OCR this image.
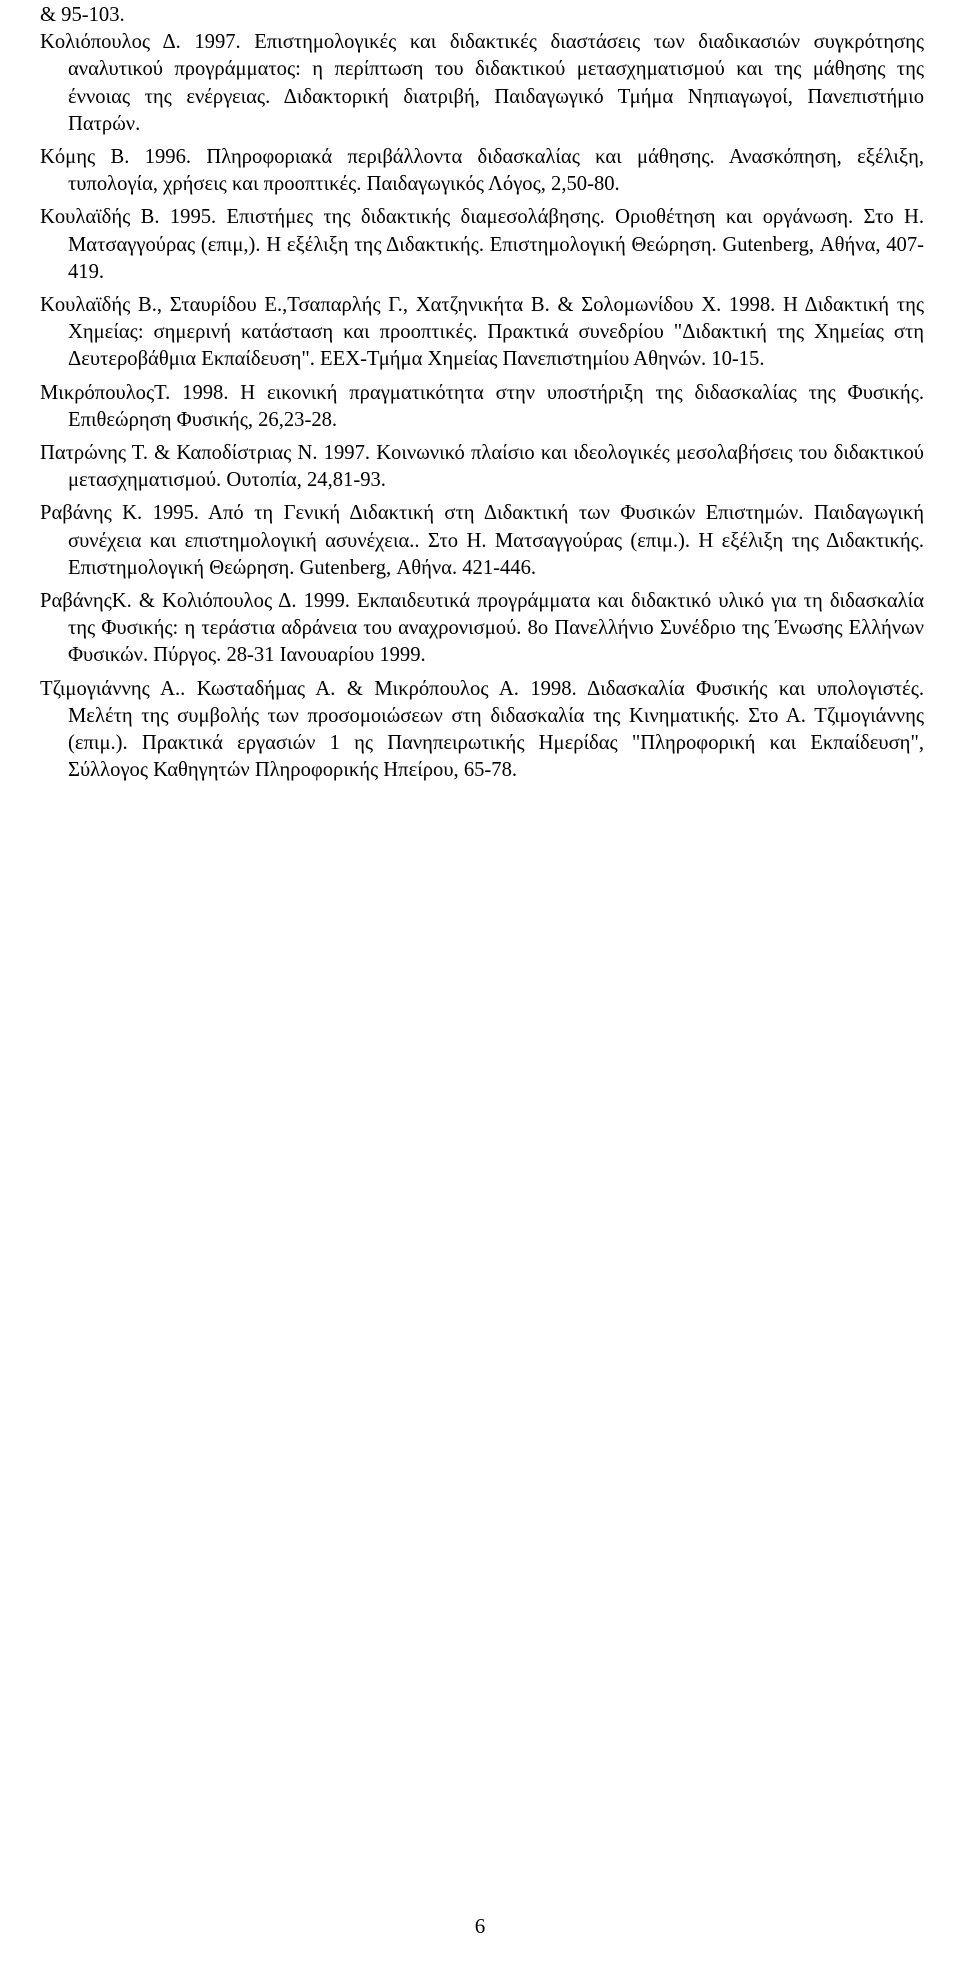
& 95-103.

Κολιόπουλος Δ. 1997. Επιστημολογικές και διδακτικές διαστάσεις των διαδικασιών συγκρότησης αναλυτικού προγράμματος: η περίπτωση του διδακτικού μετασχηματισμού και της μάθησης της έννοιας της ενέργειας. Διδακτορική διατριβή, Παιδαγωγικό Τμήμα Νηπιαγωγοί, Πανεπιστήμιο Πατρών.

Κόμης Β. 1996. Πληροφοριακά περιβάλλοντα διδασκαλίας και μάθησης. Ανασκόπηση, εξέλιξη, τυπολογία, χρήσεις και προοπτικές. Παιδαγωγικός Λόγος, 2,50-80.

Κουλαϊδής Β. 1995. Επιστήμες της διδακτικής διαμεσολάβησης. Οριοθέτηση και οργάνωση. Στο Η. Ματσαγγούρας (επιμ,). Η εξέλιξη της Διδακτικής. Επιστημολογική Θεώρηση. Gutenberg, Αθήνα, 407-419.

Κουλαϊδής Β., Σταυρίδου Ε.,Τσαπαρλής Γ., Χατζηνικήτα Β. & Σολομωνίδου Χ. 1998. Η Διδακτική της Χημείας: σημερινή κατάσταση και προοπτικές. Πρακτικά συνεδρίου "Διδακτική της Χημείας στη Δευτεροβάθμια Εκπαίδευση". ΕΕΧ-Τμήμα Χημείας Πανεπιστημίου Αθηνών. 10-15.

ΜικρόπουλοςΤ. 1998. Η εικονική πραγματικότητα στην υποστήριξη της διδασκαλίας της Φυσικής. Επιθεώρηση Φυσικής, 26,23-28.

Πατρώνης Τ. & Καποδίστριας Ν. 1997. Κοινωνικό πλαίσιο και ιδεολογικές μεσολαβήσεις του διδακτικού μετασχηματισμού. Ουτοπία, 24,81-93.

Ραβάνης Κ. 1995. Από τη Γενική Διδακτική στη Διδακτική των Φυσικών Επιστημών. Παιδαγωγική συνέχεια και επιστημολογική ασυνέχεια.. Στο Η. Ματσαγγούρας (επιμ.). Η εξέλιξη της Διδακτικής. Επιστημολογική Θεώρηση. Gutenberg, Αθήνα. 421-446.

ΡαβάνηςΚ. & Κολιόπουλος Δ. 1999. Εκπαιδευτικά προγράμματα και διδακτικό υλικό για τη διδασκαλία της Φυσικής: η τεράστια αδράνεια του αναχρονισμού. 8ο Πανελλήνιο Συνέδριο της Ένωσης Ελλήνων Φυσικών. Πύργος. 28-31 Ιανουαρίου 1999.

Τζιμογιάννης Α.. Κωσταδήμας Α. & Μικρόπουλος Α. 1998. Διδασκαλία Φυσικής και υπολογιστές. Μελέτη της συμβολής των προσομοιώσεων στη διδασκαλία της Κινηματικής. Στο Α. Τζιμογιάννης (επιμ.). Πρακτικά εργασιών 1 ης Πανηπειρωτικής Ημερίδας "Πληροφορική και Εκπαίδευση", Σύλλογος Καθηγητών Πληροφορικής Ηπείρου, 65-78.

6
